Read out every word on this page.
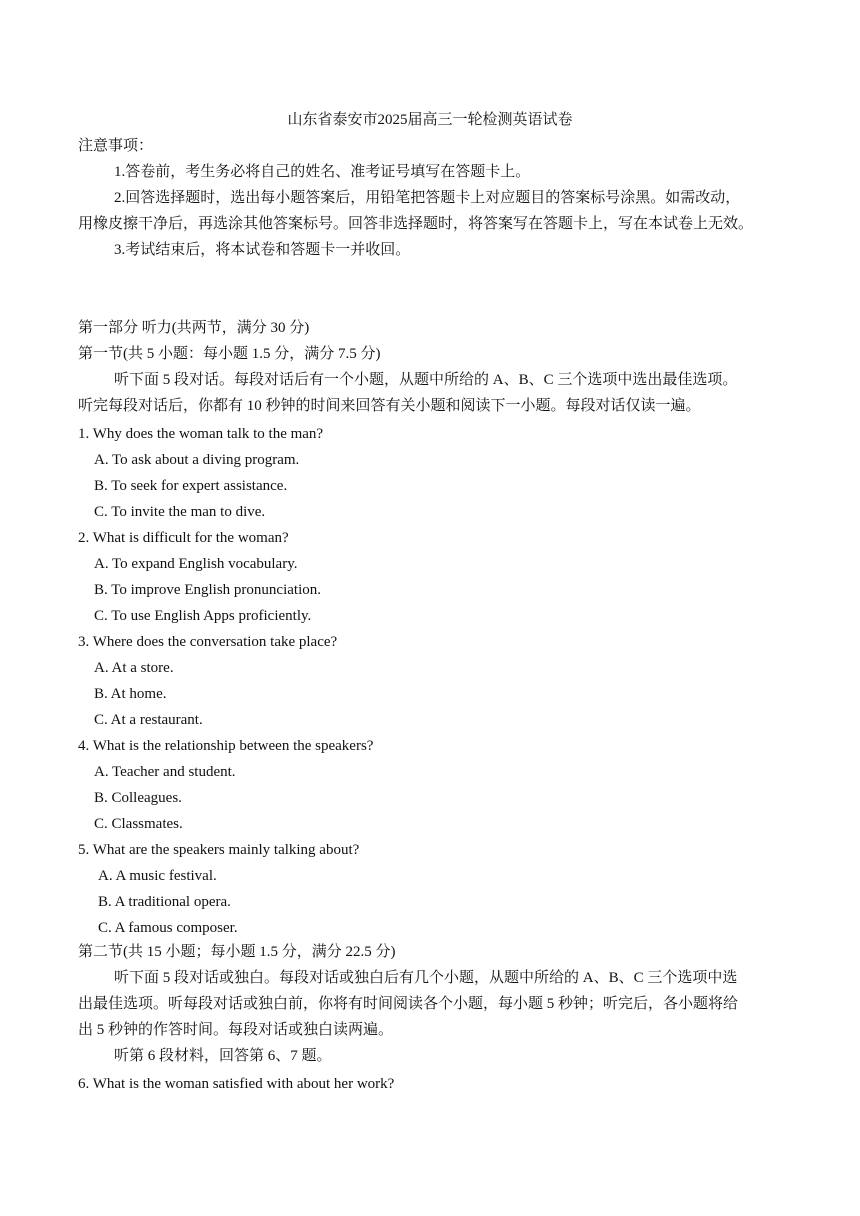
山东省泰安市2025届高三一轮检测英语试卷
注意事项：
1.答卷前，考生务必将自己的姓名、准考证号填写在答题卡上。
2.回答选择题时，选出每小题答案后，用铅笔把答题卡上对应题目的答案标号涂黑。如需改动，
用橡皮擦干净后，再选涂其他答案标号。回答非选择题时，将答案写在答题卡上，写在本试卷上无效。
3.考试结束后，将本试卷和答题卡一并收回。
第一部分 听力(共两节，满分 30 分)
第一节(共 5 小题：每小题 1.5 分，满分 7.5 分)
听下面 5 段对话。每段对话后有一个小题，从题中所给的 A、B、C 三个选项中选出最佳选项。
听完每段对话后，你都有 10 秒钟的时间来回答有关小题和阅读下一小题。每段对话仅读一遍。
1. Why does the woman talk to the man?
A. To ask about a diving program.
B. To seek for expert assistance.
C. To invite the man to dive.
2. What is difficult for the woman?
A. To expand English vocabulary.
B. To improve English pronunciation.
C. To use English Apps proficiently.
3. Where does the conversation take place?
A. At a store.
B. At home.
C. At a restaurant.
4. What is the relationship between the speakers?
A. Teacher and student.
B. Colleagues.
C. Classmates.
5. What are the speakers mainly talking about?
A. A music festival.
B. A traditional opera.
C. A famous composer.
第二节(共 15 小题；每小题 1.5 分，满分 22.5 分)
听下面 5 段对话或独白。每段对话或独白后有几个小题，从题中所给的 A、B、C 三个选项中选
出最佳选项。听每段对话或独白前，你将有时间阅读各个小题，每小题 5 秒钟；听完后，各小题将给
出 5 秒钟的作答时间。每段对话或独白读两遍。
听第 6 段材料，回答第 6、7 题。
6. What is the woman satisfied with about her work?
